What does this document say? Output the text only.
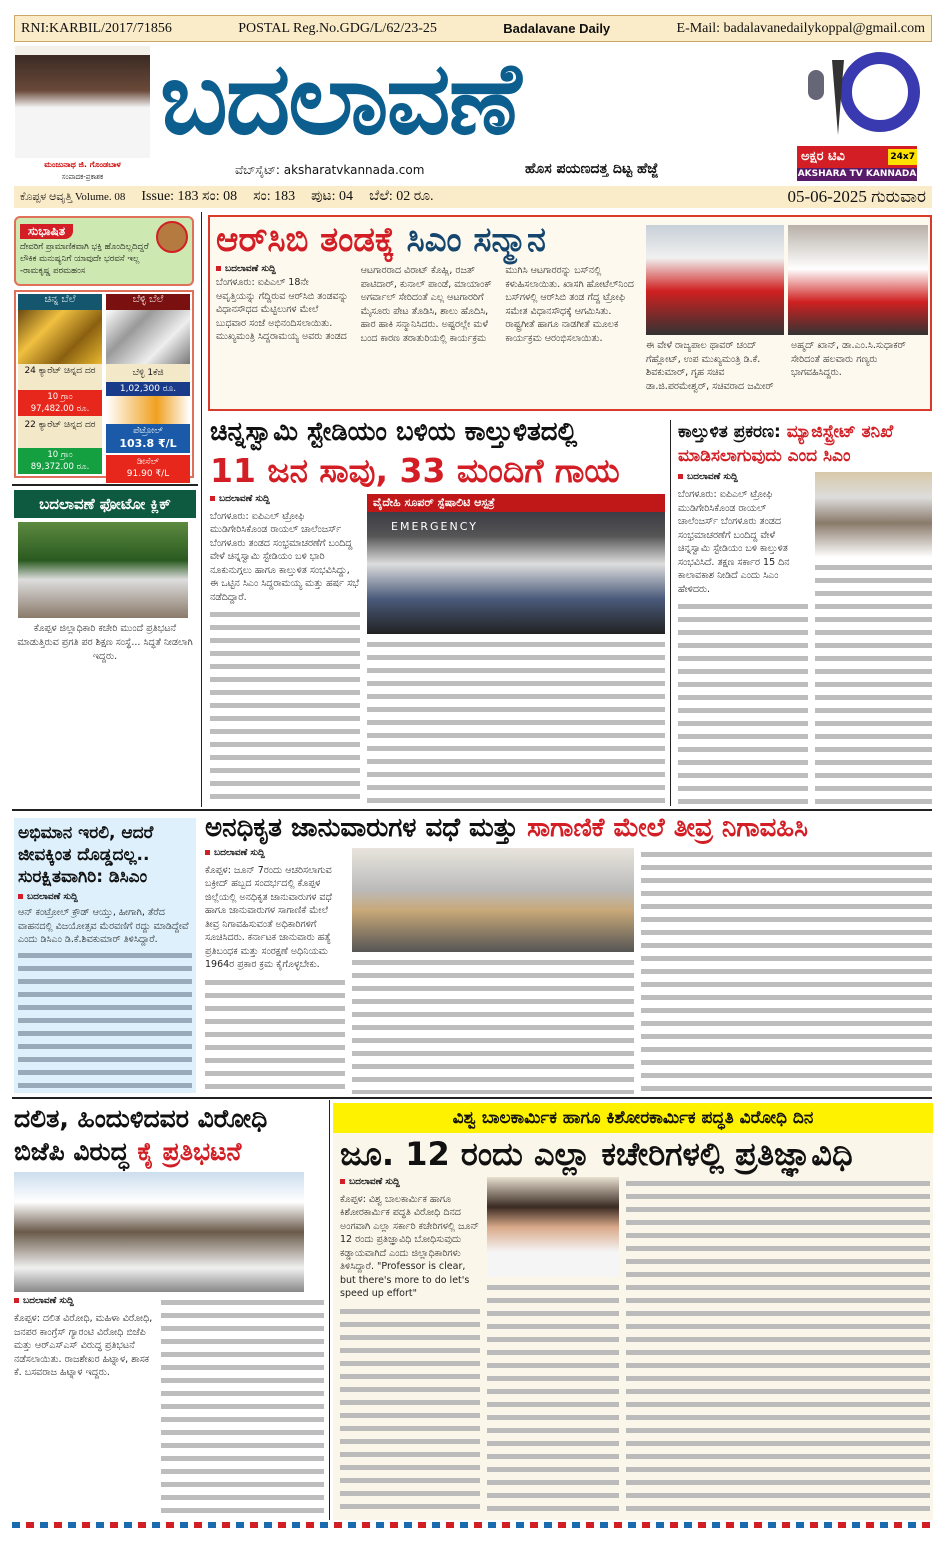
RNI:KARBIL/2017/71856	POSTAL Reg.No.GDG/L/62/23-25	Badalavane Daily	E-Mail: badalavanedailykoppal@gmail.com
ಮಂಜುನಾಥ ಜಿ. ಗೊಂಡಬಾಳ
ಸಂಪಾದಕ-ಪ್ರಕಾಶಕ
ಬದಲಾವಣೆ
ವೆಬ್‌ಸೈಟ್: aksharatvkannada.com	ಹೊಸ ಪಯಣದತ್ತ ದಿಟ್ಟ ಹೆಜ್ಜೆ
ಅಕ್ಷರ ಟಿವಿ	24x7
AKSHARA TV KANNADA
ಕೊಪ್ಪಳ ಆವೃತ್ತಿ Volume. 08 Issue: 183 ಸಂ: 08 ಸಂ: 183 ಪುಟ: 04 ಬೆಲೆ: 02 ರೂ.	05-06-2025 ಗುರುವಾರ
ಸುಭಾಷಿತ
ದೇವರಿಗೆ ಪ್ರಾಮಾಣಿಕವಾಗಿ ಭಕ್ತಿ ಹೊಂದಿಲ್ಲದಿದ್ದರೆ ಲೌಕಿಕ ಮನುಷ್ಯನಿಗೆ ಯಾವುದೇ ಭರವಸೆ ಇಲ್ಲ -ರಾಮಕೃಷ್ಣ ಪರಮಹಂಸ
ಚಿನ್ನ ಬೆಲೆ
24 ಕ್ಯಾರೆಟ್ ಚಿನ್ನದ ದರ
10 ಗ್ರಾಂ
97,482.00 ರೂ.
22 ಕ್ಯಾರೆಟ್ ಚಿನ್ನದ ದರ
10 ಗ್ರಾಂ
89,372.00 ರೂ.
ಬೆಳ್ಳಿ ಬೆಲೆ
ಬೆಳ್ಳಿ 1ಕೆಜಿ
1,02,300 ರೂ.
ಪೆಟ್ರೋಲ್
103.8 ₹/L
ಡೀಸೆಲ್
91.90 ₹/L
ಬದಲಾವಣೆ ಫೋಟೋ ಕ್ಲಿಕ್
ಕೊಪ್ಪಳ ಜಿಲ್ಲಾಧಿಕಾರಿ ಕಚೇರಿ ಮುಂದೆ ಪ್ರತಿಭಟನೆ ಮಾಡುತ್ತಿರುವ ಪ್ರಗತಿ ಪರ ಶಿಕ್ಷಣ ಸಂಸ್ಥೆ... ಸಿದ್ಧತೆ ನೀಡಲಾಗಿ ಇದ್ದರು.
ಆರ್‌ಸಿಬಿ ತಂಡಕ್ಕೆ ಸಿಎಂ ಸನ್ಮಾನ
ಬದಲಾವಣೆ ಸುದ್ದಿ
ಬೆಂಗಳೂರು: ಐಪಿಎಲ್ 18ನೇ ಆವೃತ್ತಿಯನ್ನು ಗೆದ್ದಿರುವ ಆರ್‌ಸಿಬಿ ತಂಡವನ್ನು ವಿಧಾನಸೌಧದ ಮೆಟ್ಟಿಲುಗಳ ಮೇಲೆ ಬುಧವಾರ ಸಂಜೆ ಅಭಿನಂದಿಸಲಾಯಿತು. ಮುಖ್ಯಮಂತ್ರಿ ಸಿದ್ದರಾಮಯ್ಯ ಅವರು ತಂಡದ ಆಟಗಾರರಾದ ವಿರಾಟ್ ಕೊಹ್ಲಿ, ರಜತ್ ಪಾಟಿದಾರ್, ಕುನಾಲ್ ಪಾಂಡೆ, ಮಾಯಾಂಕ್ ಅಗರ್ವಾಲ್ ಸೇರಿದಂತೆ ಎಲ್ಲ ಆಟಗಾರರಿಗೆ ಮೈಸೂರು ಪೇಟ ತೊಡಿಸಿ, ಶಾಲು ಹೊದಿಸಿ, ಹಾರ ಹಾಕಿ ಸನ್ಮಾನಿಸಿದರು. ಅಷ್ಟರಲ್ಲೇ ಮಳೆ ಬಂದ ಕಾರಣ ತರಾತುರಿಯಲ್ಲಿ ಕಾರ್ಯಕ್ರಮ ಮುಗಿಸಿ ಆಟಗಾರರನ್ನು ಬಸ್‌ನಲ್ಲಿ ಕಳುಹಿಸಲಾಯಿತು. ಖಾಸಗಿ ಹೋಟೆಲ್‌ನಿಂದ ಬಸ್‌ಗಳಲ್ಲಿ ಆರ್‌ಸಿಬಿ ತಂಡ ಗೆದ್ದ ಟ್ರೋಫಿ ಸಮೇತ ವಿಧಾನಸೌಧಕ್ಕೆ ಆಗಮಿಸಿತು. ರಾಷ್ಟ್ರಗೀತೆ ಹಾಗೂ ನಾಡಗೀತೆ ಮೂಲಕ ಕಾರ್ಯಕ್ರಮ ಆರಂಭಿಸಲಾಯಿತು.
ಈ ವೇಳೆ ರಾಜ್ಯಪಾಲ ಥಾವರ್ ಚಂದ್ ಗೆಹ್ಲೋಟ್, ಉಪ ಮುಖ್ಯಮಂತ್ರಿ ಡಿ.ಕೆ. ಶಿವಕುಮಾರ್, ಗೃಹ ಸಚಿವ ಡಾ.ಜಿ.ಪರಮೇಶ್ವರ್, ಸಚಿವರಾದ ಜಮೀರ್ ಅಹ್ಮದ್ ಖಾನ್, ಡಾ.ಎಂ.ಸಿ.ಸುಧಾಕರ್ ಸೇರಿದಂತೆ ಹಲವಾರು ಗಣ್ಯರು ಭಾಗವಹಿಸಿದ್ದರು.
ಚಿನ್ನಸ್ವಾಮಿ ಸ್ಟೇಡಿಯಂ ಬಳಿಯ ಕಾಲ್ತುಳಿತದಲ್ಲಿ
11 ಜನ ಸಾವು, 33 ಮಂದಿಗೆ ಗಾಯ
ಬದಲಾವಣೆ ಸುದ್ದಿ
ಬೆಂಗಳೂರು: ಐಪಿಎಲ್ ಟ್ರೋಫಿ ಮುಡಿಗೇರಿಸಿಕೊಂಡ ರಾಯಲ್ ಚಾಲೆಂಜರ್ಸ್ ಬೆಂಗಳೂರು ತಂಡದ ಸಂಭ್ರಮಾಚರಣೆಗೆ ಬಂದಿದ್ದ ವೇಳೆ ಚಿನ್ನಸ್ವಾಮಿ ಸ್ಟೇಡಿಯಂ ಬಳಿ ಭಾರಿ ನೂಕುನುಗ್ಗಲು ಹಾಗೂ ಕಾಲ್ತುಳಿತ ಸಂಭವಿಸಿದ್ದು, ಈ ಒಟ್ಟಿನ ಸಿಎಂ ಸಿದ್ದರಾಮಯ್ಯ ಮತ್ತು ಹರ್ಷ ಸಭೆ ನಡೆದಿದ್ದಾರೆ.
ವೈದೇಹಿ ಸೂಪರ್ ಸ್ಪೆಷಾಲಿಟಿ ಆಸ್ಪತ್ರೆ
EMERGENCY
ಕಾಲ್ತುಳಿತ ಪ್ರಕರಣ: ಮ್ಯಾಜಿಸ್ಟ್ರೇಟ್ ತನಿಖೆ ಮಾಡಿಸಲಾಗುವುದು ಎಂದ ಸಿಎಂ
ಬದಲಾವಣೆ ಸುದ್ದಿ
ಬೆಂಗಳೂರು: ಐಪಿಎಲ್ ಟ್ರೋಫಿ ಮುಡಿಗೇರಿಸಿಕೊಂಡ ರಾಯಲ್ ಚಾಲೆಂಜರ್ಸ್ ಬೆಂಗಳೂರು ತಂಡದ ಸಂಭ್ರಮಾಚರಣೆಗೆ ಬಂದಿದ್ದ ವೇಳೆ ಚಿನ್ನಸ್ವಾಮಿ ಸ್ಟೇಡಿಯಂ ಬಳಿ ಕಾಲ್ತುಳಿತ ಸಂಭವಿಸಿದೆ. ತಕ್ಷಣ ಸರ್ಕಾರ 15 ದಿನ ಕಾಲಾವಕಾಶ ನೀಡಿದೆ ಎಂದು ಸಿಎಂ ಹೇಳಿದರು.
ಅಭಿಮಾನ ಇರಲಿ, ಆದರೆ ಜೀವಕ್ಕಿಂತ ದೊಡ್ಡದಲ್ಲ.. ಸುರಕ್ಷಿತವಾಗಿರಿ: ಡಿಸಿಎಂ
ಬದಲಾವಣೆ ಸುದ್ದಿ
ಆನ್ ಕಂಟ್ರೋಲ್ ಕ್ರೌಡ್ ಆಯ್ತು, ಹೀಗಾಗಿ, ತೆರೆದ ವಾಹನದಲ್ಲಿ ವಿಜಯೋತ್ಸವ ಮೆರವಣಿಗೆ ರದ್ದು ಮಾಡಿದ್ದೇವೆ ಎಂದು ಡಿಸಿಎಂ ಡಿ.ಕೆ.ಶಿವಕುಮಾರ್ ತಿಳಿಸಿದ್ದಾರೆ.
ಅನಧಿಕೃತ ಜಾನುವಾರುಗಳ ವಧೆ ಮತ್ತು ಸಾಗಾಣಿಕೆ ಮೇಲೆ ತೀವ್ರ ನಿಗಾವಹಿಸಿ
ಬದಲಾವಣೆ ಸುದ್ದಿ
ಕೊಪ್ಪಳ: ಜೂನ್ 7ರಂದು ಆಚರಿಸಲಾಗುವ ಬಕ್ರೀದ್ ಹಬ್ಬದ ಸಂದರ್ಭದಲ್ಲಿ ಕೊಪ್ಪಳ ಜಿಲ್ಲೆಯಲ್ಲಿ ಅನಧಿಕೃತ ಜಾನುವಾರುಗಳ ವಧೆ ಹಾಗೂ ಜಾನುವಾರುಗಳ ಸಾಗಾಣಿಕೆ ಮೇಲೆ ತೀವ್ರ ನಿಗಾವಹಿಸುವಂತೆ ಅಧಿಕಾರಿಗಳಿಗೆ ಸೂಚಿಸಿದರು. ಕರ್ನಾಟಕ ಜಾನುವಾರು ಹತ್ಯೆ ಪ್ರತಿಬಂಧಕ ಮತ್ತು ಸಂರಕ್ಷಣೆ ಅಧಿನಿಯಮ 1964ರ ಪ್ರಕಾರ ಕ್ರಮ ಕೈಗೊಳ್ಳಬೇಕು.
ದಲಿತ, ಹಿಂದುಳಿದವರ ವಿರೋಧಿ ಬಿಜೆಪಿ ವಿರುದ್ಧ ಕೈ ಪ್ರತಿಭಟನೆ
ಬದಲಾವಣೆ ಸುದ್ದಿ
ಕೊಪ್ಪಳ: ದಲಿತ ವಿರೋಧಿ, ಮಹಿಳಾ ವಿರೋಧಿ, ಜನಪರ ಕಾಂಗ್ರೆಸ್ ಗ್ಯಾರಂಟಿ ವಿರೋಧಿ ಬಿಜೆಪಿ ಮತ್ತು ಆರ್‌ಎಸ್‌ಎಸ್ ವಿರುದ್ಧ ಪ್ರತಿಭಟನೆ ನಡೆಸಲಾಯಿತು. ರಾಜಶೇಖರ ಹಿಟ್ನಾಳ, ಶಾಸಕ ಕೆ. ಬಸವರಾಜ ಹಿಟ್ನಾಳ ಇದ್ದರು.
ವಿಶ್ವ ಬಾಲಕಾರ್ಮಿಕ ಹಾಗೂ ಕಿಶೋರಕಾರ್ಮಿಕ ಪದ್ಧತಿ ವಿರೋಧಿ ದಿನ
ಜೂ. 12 ರಂದು ಎಲ್ಲಾ ಕಚೇರಿಗಳಲ್ಲಿ ಪ್ರತಿಜ್ಞಾವಿಧಿ
ಬದಲಾವಣೆ ಸುದ್ದಿ
ಕೊಪ್ಪಳ: ವಿಶ್ವ ಬಾಲಕಾರ್ಮಿಕ ಹಾಗೂ ಕಿಶೋರಕಾರ್ಮಿಕ ಪದ್ಧತಿ ವಿರೋಧಿ ದಿನದ ಅಂಗವಾಗಿ ಎಲ್ಲಾ ಸರ್ಕಾರಿ ಕಚೇರಿಗಳಲ್ಲಿ ಜೂನ್ 12 ರಂದು ಪ್ರತಿಜ್ಞಾವಿಧಿ ಬೋಧಿಸುವುದು ಕಡ್ಡಾಯವಾಗಿದೆ ಎಂದು ಜಿಲ್ಲಾಧಿಕಾರಿಗಳು ತಿಳಿಸಿದ್ದಾರೆ. "Professor is clear, but there's more to do let's speed up effort"
